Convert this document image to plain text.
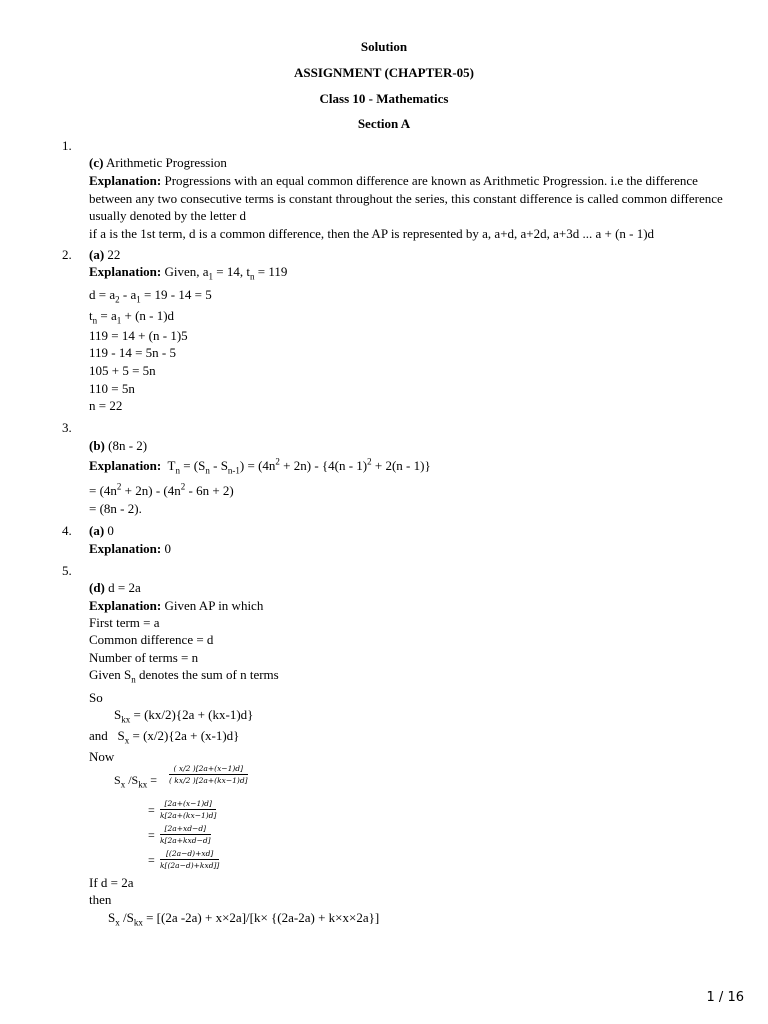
Solution
ASSIGNMENT (CHAPTER-05)
Class 10 - Mathematics
Section A
1.
(c) Arithmetic Progression
Explanation: Progressions with an equal common difference are known as Arithmetic Progression. i.e the difference between any two consecutive terms is constant throughout the series, this constant difference is called common difference usually denoted by the letter d
if a is the 1st term, d is a common difference, then the AP is represented by a, a+d, a+2d, a+3d ... a + (n - 1)d
2. (a) 22
Explanation: Given, $a_1 = 14$, $t_n = 119$
$d = a_2 - a_1 = 19 - 14 = 5$
$t_n = a_1 + (n - 1)d$
119 = 14 + (n - 1)5
119 - 14 = 5n - 5
105 + 5 = 5n
110 = 5n
n = 22
3.
(b) (8n - 2)
Explanation:  $T_n = (S_n - S_{n-1}) = (4n^2 + 2n) - \{4(n - 1)^2 + 2(n - 1)\}$
= $(4n^2 + 2n) - (4n^2 - 6n + 2)$
= (8n - 2).
4. (a) 0
Explanation: 0
5.
(d) d = 2a
Explanation: Given AP in which
First term = a
Common difference = d
Number of terms = n
Given $S_n$ denotes the sum of n terms
So
$S_{kx} = (kx/2)\{2a + (kx-1)d\}$
and   $S_x = (x/2)\{2a + (x-1)d\}$
Now
$S_x$ $/S_{kx} = \frac{( x/2 )[2a+(x-1)d]}{( kx/2 )[2a+(kx-1)d]}$
= $\frac{[2a+(x-1)d]}{k[2a+(kx-1)d]}$
=	[2a+xd−d]
k[2a+kxd−d]
=	[(2a−d)+xd]
k[(2a−d)+kxd]]
If d = 2a
then
$S_x$ $/S_{kx} = [(2a$ -2a) + x×2a]/[k× {(2a-2a) + k×x×2a}]
1 / 16
